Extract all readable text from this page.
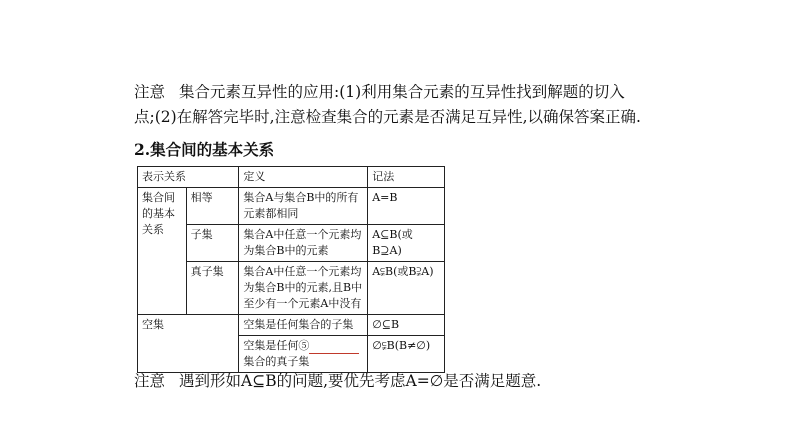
注意 集合元素互异性的应用:(1)利用集合元素的互异性找到解题的切入
点;(2)在解答完毕时,注意检查集合的元素是否满足互异性,以确保答案正确.
2.集合间的基本关系
表示关系		定义	记法
集合间的基本关系	相等	集合A与集合B中的所有元素都相同	A=B
	子集	集合A中任意一个元素均为集合B中的元素	A⊆B(或B⊇A)
	真子集	集合A中任意一个元素均为集合B中的元素,且B中至少有一个元素A中没有	A⫋B(或B⫌A)
空集		空集是任何集合的子集	∅⊆B
		空集是任何⑤集合的真子集	∅⫋B(B≠∅)
注意 遇到形如A⊆B的问题,要优先考虑A=∅是否满足题意.
